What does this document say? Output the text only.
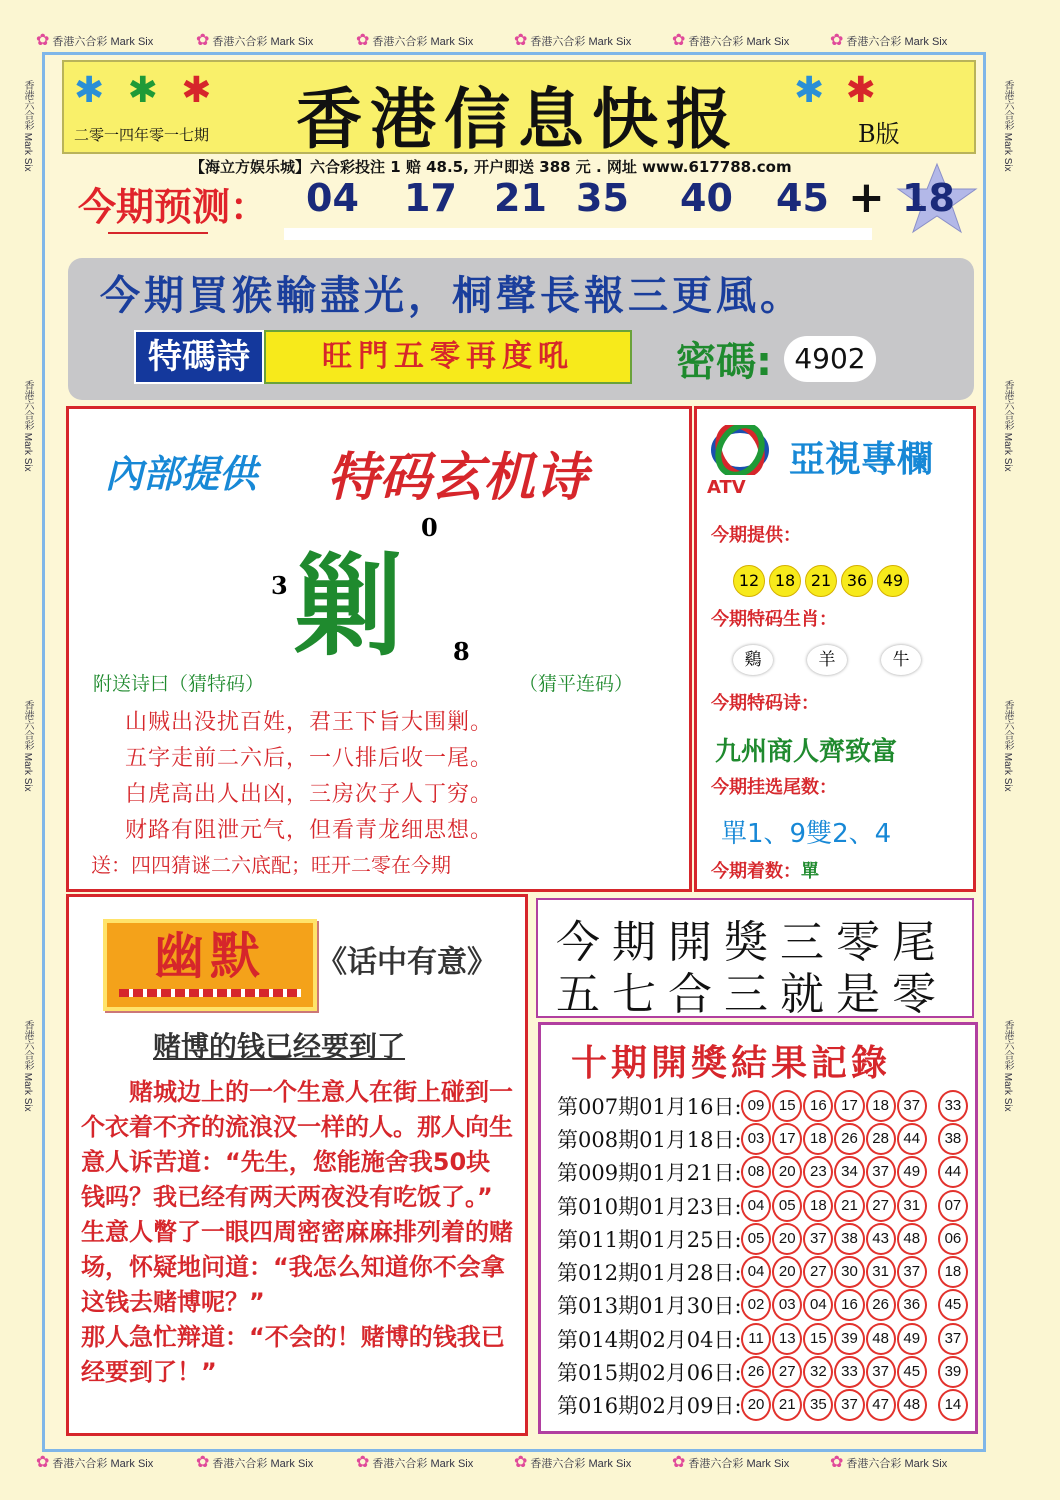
✿ 香港六合彩 Mark Six	✿ 香港六合彩 Mark Six	✿ 香港六合彩 Mark Six	✿ 香港六合彩 Mark Six	✿ 香港六合彩 Mark Six	✿ 香港六合彩 Mark Six
✿ 香港六合彩 Mark Six	✿ 香港六合彩 Mark Six	✿ 香港六合彩 Mark Six	✿ 香港六合彩 Mark Six	✿ 香港六合彩 Mark Six	✿ 香港六合彩 Mark Six
香港六合彩 Mark Six
香港六合彩 Mark Six
香港六合彩 Mark Six
香港六合彩 Mark Six
香港六合彩 Mark Six
香港六合彩 Mark Six
香港六合彩 Mark Six
香港六合彩 Mark Six
✱ ✱ ✱
二零一四年零一七期 香港信息快报 ✱ ✱
B版
【海立方娱乐城】六合彩投注 1 赔 48.5, 开户即送 388 元 . 网址 www.617788.com
今期预测： 04 17 21 35 40 45 + 18
今期買猴輸盡光，桐聲長報三更風。
特碼詩	旺門五零再度吼	密碼: 4902
內部提供 特码玄机诗
剿
0
3
8
附送诗曰（猜特码）	（猜平连码）
山贼出没扰百姓，君王下旨大围剿。
五字走前二六后，一八排后收一尾。
白虎高出人出凶，三房次子人丁穷。
财路有阻泄元气，但看青龙细思想。
送：四四猜谜二六底配；旺开二零在今期
ATV
亞視專欄
今期提供：
12 18 21 36 49
今期特码生肖：
鷄	羊	牛
今期特码诗：
九州商人齊致富
今期挂选尾数：
單1、9雙2、4
今期着数：單
幽默	《话中有意》
赌博的钱已经要到了
　　赌城边上的一个生意人在街上碰到一个衣着不齐的流浪汉一样的人。那人向生意人诉苦道：“先生，您能施舍我50块钱吗？我已经有两天两夜没有吃饭了。”
生意人瞥了一眼四周密密麻麻排列着的赌场，怀疑地问道：“我怎么知道你不会拿这钱去赌博呢？”
那人急忙辩道：“不会的！赌博的钱我已经要到了！”
今期開獎三零尾
五七合三就是零
十期開獎結果記錄
第007期01月16日: 09 15 16 17 18 37	33
第008期01月18日: 03 17 18 26 28 44	38
第009期01月21日: 08 20 23 34 37 49	44
第010期01月23日: 04 05 18 21 27 31	07
第011期01月25日: 05 20 37 38 43 48	06
第012期01月28日: 04 20 27 30 31 37	18
第013期01月30日: 02 03 04 16 26 36	45
第014期02月04日: 11	13 15 39 48 49	37
第015期02月06日: 26 27 32 33 37 45	39
第016期02月09日: 20 21 35 37 47 48	14
